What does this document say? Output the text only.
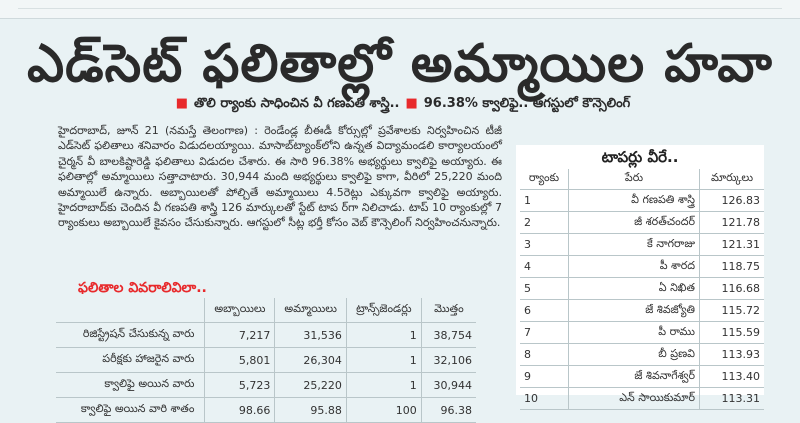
ఎడ్‌సెట్ ఫలితాల్లో అమ్మాయిల హవా
■ తొలి ర్యాంకు సాధించిన వీ గణపతి శాస్త్రి.. ■ 96.38% క్వాలిఫై.. ఆగస్టులో కౌన్సెలింగ్
హైదరాబాద్, జూన్ 21 (నమస్తే తెలంగాణ) : రెండేండ్ల బీఈడీ కోర్సుల్లో ప్రవేశాలకు నిర్వహించిన టీజీ ఎడ్‌సెట్ ఫలితాలు శనివారం విడుదలయ్యాయి. మాసాబ్‌ట్యాంక్‌లోని ఉన్నత విద్యామండలి కార్యాలయంలో చైర్మన్ వీ బాలకిష్టారెడ్డి ఫలితాలు విడుదల చేశారు. ఈ సారి 96.38% అభ్యర్థులు క్వాలిఫై అయ్యారు. ఈ ఫలితాల్లో అమ్మాయిలు సత్తాచాటారు. 30,944 మంది అభ్యర్థులు క్వాలిఫై కాగా, వీరిలో 25,220 మంది అమ్మాయిలే ఉన్నారు. అబ్బాయిలతో పోల్చితే అమ్మాయిలు 4.5రెట్లు ఎక్కువగా క్వాలిఫై అయ్యారు. హైదరాబాద్‌కు చెందిన వీ గణపతి శాస్త్రి 126 మార్కులతో స్టేట్ టాప ర్‌గా నిలిచాడు. టాప్ 10 ర్యాంకుల్లో 7 ర్యాంకులు అబ్బాయిలే కైవసం చేసుకున్నారు. ఆగస్టులో సీట్ల భర్తీ కోసం వెబ్ కౌన్సెలింగ్ నిర్వహించనున్నారు.
ఫలితాల వివరాలివిలా..
	అబ్బాయిలు	అమ్మాయిలు	ట్రాన్స్‌జెండర్లు	మొత్తం
రిజిస్ట్రేషన్ చేసుకున్న వారు	7,217	31,536	1	38,754
పరీక్షకు హాజరైన వారు	5,801	26,304	1	32,106
క్వాలిఫై అయిన వారు	5,723	25,220	1	30,944
క్వాలిఫై అయిన వారి శాతం	98.66	95.88	100	96.38
టాపర్లు వీరే..
ర్యాంకు	పేరు	మార్కులు
1	వీ గణపతి శాస్త్రి	126.83
2	జీ శరత్‌చందర్	121.78
3	కే నాగరాజు	121.31
4	పీ శారద	118.75
5	ఏ నిఖిత	116.68
6	జే శివజ్యోతి	115.72
7	పీ రాము	115.59
8	బీ ప్రణవి	113.93
9	జే శివనాగేశ్వర్	113.40
10	ఎన్ సాయికుమార్	113.31
